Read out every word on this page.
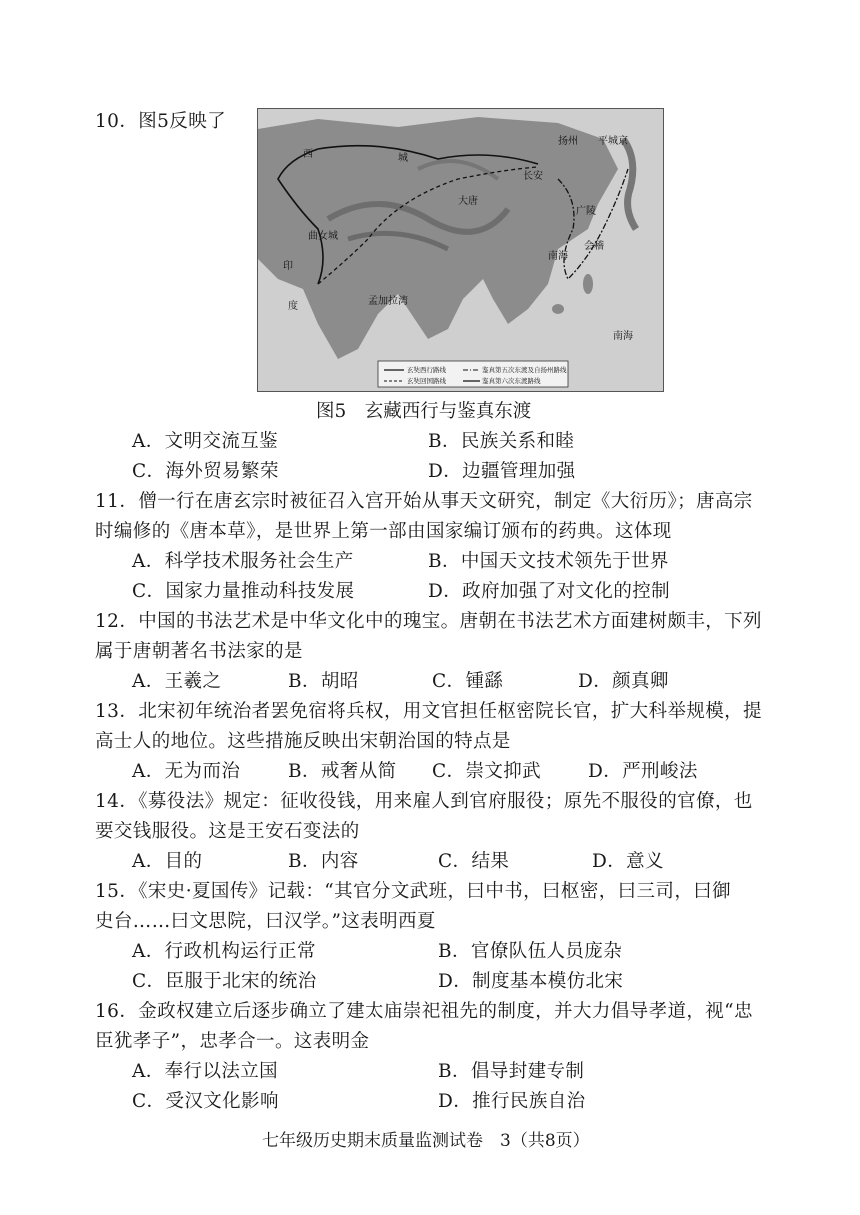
10．图5反映了
西	城
长安
大唐
扬州 平城京
广陵
会稽
南海
南海
印
度	孟加拉湾
曲女城
玄奘西行路线
玄奘回国路线
鉴真第五次东渡及自扬州路线
鉴真第六次东渡路线
图5　玄藏西行与鉴真东渡
A．文明交流互鉴	B．民族关系和睦
C．海外贸易繁荣	D．边疆管理加强
11．僧一行在唐玄宗时被征召入宫开始从事天文研究，制定《大衍历》；唐高宗
时编修的《唐本草》，是世界上第一部由国家编订颁布的药典。这体现
A．科学技术服务社会生产	B．中国天文技术领先于世界
C．国家力量推动科技发展	D．政府加强了对文化的控制
12．中国的书法艺术是中华文化中的瑰宝。唐朝在书法艺术方面建树颇丰，下列
属于唐朝著名书法家的是
A．王羲之	B．胡昭	C．锺繇	D．颜真卿
13．北宋初年统治者罢免宿将兵权，用文官担任枢密院长官，扩大科举规模，提
高士人的地位。这些措施反映出宋朝治国的特点是
A．无为而治	B．戒奢从简 C．崇文抑武	D．严刑峻法
14．《募役法》规定：征收役钱，用来雇人到官府服役；原先不服役的官僚，也
要交钱服役。这是王安石变法的
A．目的	B．内容	C．结果	D．意义
15．《宋史·夏国传》记载：“其官分文武班，曰中书，曰枢密，曰三司，曰御
史台……曰文思院，曰汉学。”这表明西夏
A．行政机构运行正常	B．官僚队伍人员庞杂
C．臣服于北宋的统治	D．制度基本模仿北宋
16．金政权建立后逐步确立了建太庙崇祀祖先的制度，并大力倡导孝道，视“忠
臣犹孝子”，忠孝合一。这表明金
A．奉行以法立国	B．倡导封建专制
C．受汉文化影响	D．推行民族自治
七年级历史期末质量监测试卷　3（共8页）
